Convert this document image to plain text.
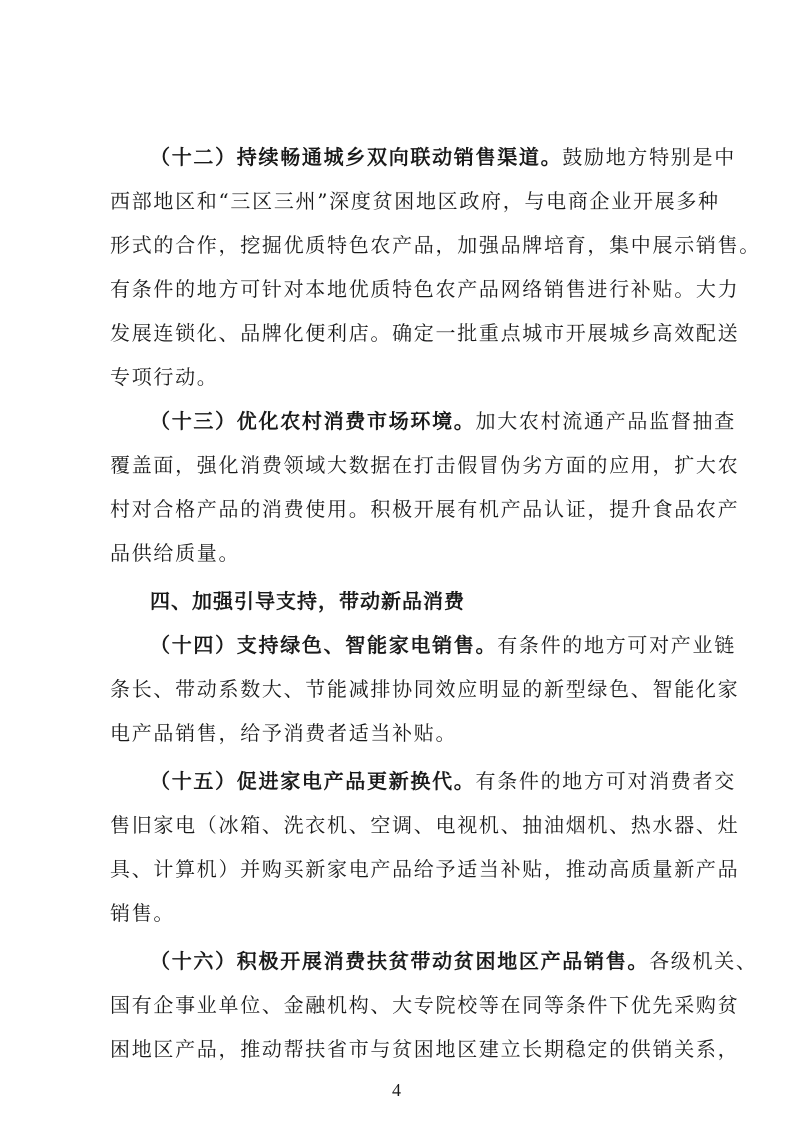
（十二）持续畅通城乡双向联动销售渠道。鼓励地方特别是中
西部地区和“三区三州”深度贫困地区政府，与电商企业开展多种
形式的合作，挖掘优质特色农产品，加强品牌培育，集中展示销售。
有条件的地方可针对本地优质特色农产品网络销售进行补贴。大力
发展连锁化、品牌化便利店。确定一批重点城市开展城乡高效配送
专项行动。
（十三）优化农村消费市场环境。加大农村流通产品监督抽查
覆盖面，强化消费领域大数据在打击假冒伪劣方面的应用，扩大农
村对合格产品的消费使用。积极开展有机产品认证，提升食品农产
品供给质量。
四、加强引导支持，带动新品消费
（十四）支持绿色、智能家电销售。有条件的地方可对产业链
条长、带动系数大、节能减排协同效应明显的新型绿色、智能化家
电产品销售，给予消费者适当补贴。
（十五）促进家电产品更新换代。有条件的地方可对消费者交
售旧家电（冰箱、洗衣机、空调、电视机、抽油烟机、热水器、灶
具、计算机）并购买新家电产品给予适当补贴，推动高质量新产品
销售。
（十六）积极开展消费扶贫带动贫困地区产品销售。各级机关、
国有企事业单位、金融机构、大专院校等在同等条件下优先采购贫
困地区产品，推动帮扶省市与贫困地区建立长期稳定的供销关系，
4
